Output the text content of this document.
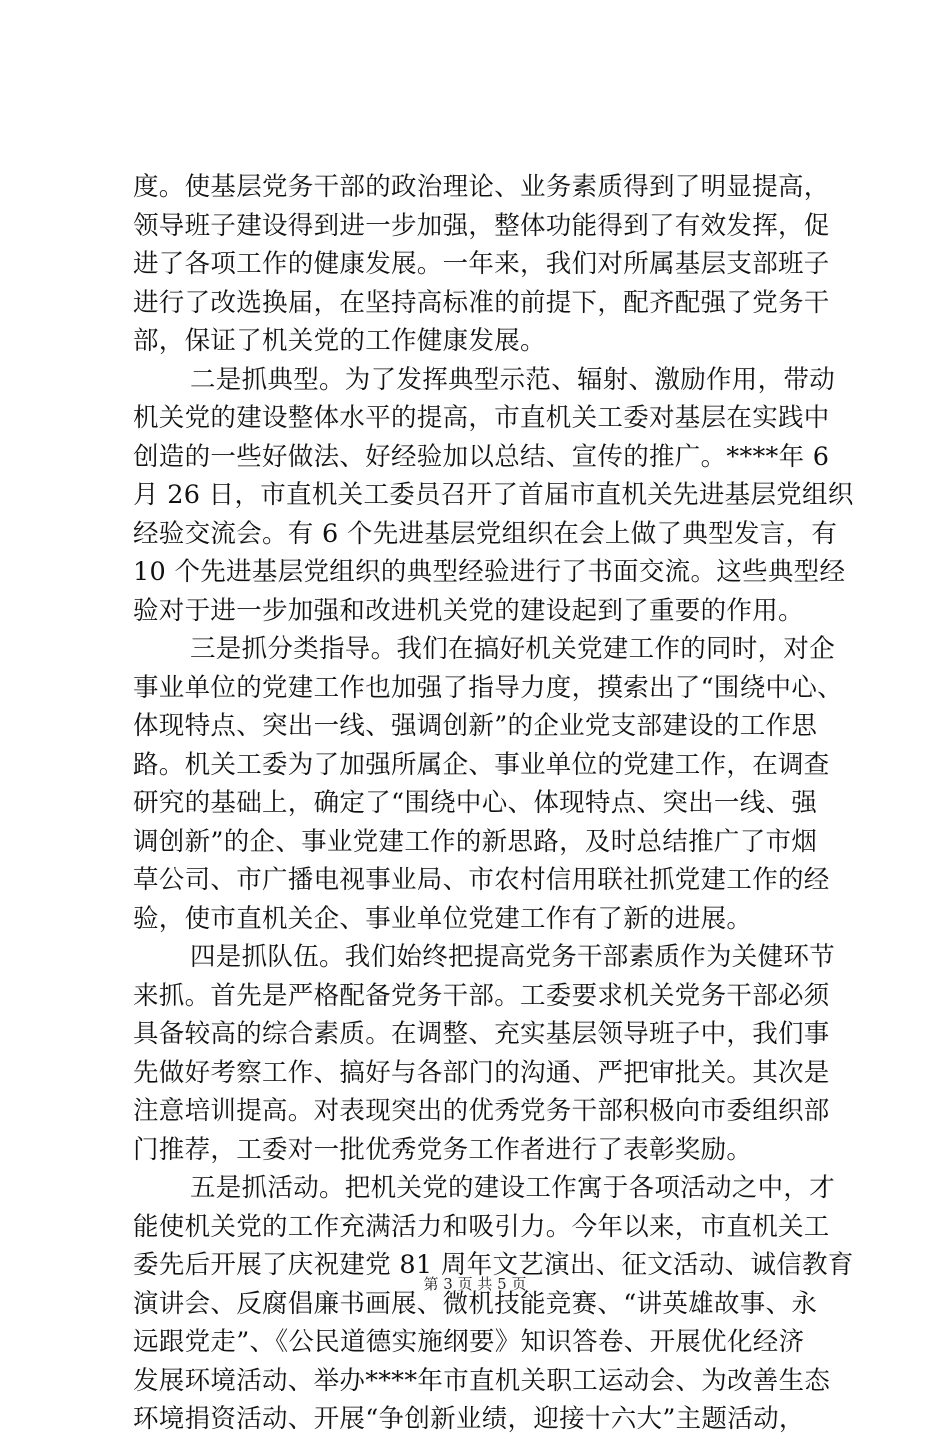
度。使基层党务干部的政治理论、业务素质得到了明显提高，
领导班子建设得到进一步加强，整体功能得到了有效发挥，促
进了各项工作的健康发展。一年来，我们对所属基层支部班子
进行了改选换届，在坚持高标准的前提下，配齐配强了党务干
部，保证了机关党的工作健康发展。

二是抓典型。为了发挥典型示范、辐射、激励作用，带动
机关党的建设整体水平的提高，市直机关工委对基层在实践中
创造的一些好做法、好经验加以总结、宣传的推广。****年 6
月 26 日，市直机关工委员召开了首届市直机关先进基层党组织
经验交流会。有 6 个先进基层党组织在会上做了典型发言，有
10 个先进基层党组织的典型经验进行了书面交流。这些典型经
验对于进一步加强和改进机关党的建设起到了重要的作用。

三是抓分类指导。我们在搞好机关党建工作的同时，对企
事业单位的党建工作也加强了指导力度，摸索出了“围绕中心、
体现特点、突出一线、强调创新”的企业党支部建设的工作思
路。机关工委为了加强所属企、事业单位的党建工作，在调查
研究的基础上，确定了“围绕中心、体现特点、突出一线、强
调创新”的企、事业党建工作的新思路，及时总结推广了市烟
草公司、市广播电视事业局、市农村信用联社抓党建工作的经
验，使市直机关企、事业单位党建工作有了新的进展。

四是抓队伍。我们始终把提高党务干部素质作为关健环节
来抓。首先是严格配备党务干部。工委要求机关党务干部必须
具备较高的综合素质。在调整、充实基层领导班子中，我们事
先做好考察工作、搞好与各部门的沟通、严把审批关。其次是
注意培训提高。对表现突出的优秀党务干部积极向市委组织部
门推荐，工委对一批优秀党务工作者进行了表彰奖励。

五是抓活动。把机关党的建设工作寓于各项活动之中，才
能使机关党的工作充满活力和吸引力。今年以来，市直机关工
委先后开展了庆祝建党 81 周年文艺演出、征文活动、诚信教育
演讲会、反腐倡廉书画展、微机技能竞赛、“讲英雄故事、永
远跟党走”、《公民道德实施纲要》知识答卷、开展优化经济
发展环境活动、举办****年市直机关职工运动会、为改善生态
环境捐资活动、开展“争创新业绩，迎接十六大”主题活动，

第 3 页 共 5 页
